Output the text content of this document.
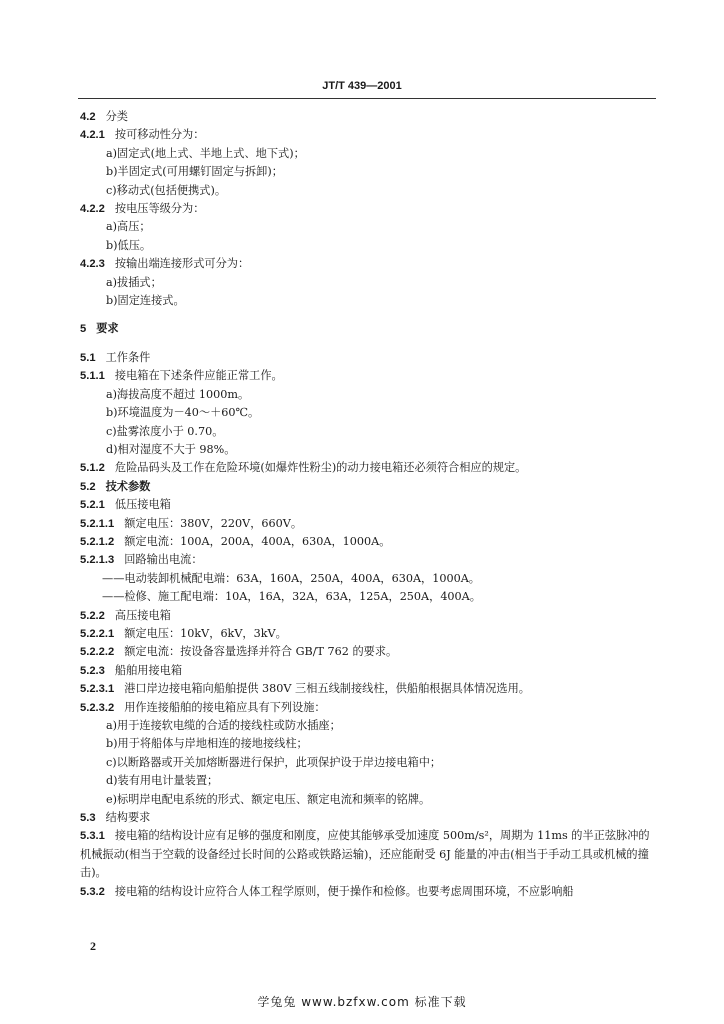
JT/T 439—2001
4.2 分类
4.2.1 按可移动性分为：
a)固定式(地上式、半地上式、地下式)；
b)半固定式(可用螺钉固定与拆卸)；
c)移动式(包括便携式)。
4.2.2 按电压等级分为：
a)高压；
b)低压。
4.2.3 按输出端连接形式可分为：
a)拔插式；
b)固定连接式。
5 要求
5.1 工作条件
5.1.1 接电箱在下述条件应能正常工作。
a)海拔高度不超过 1000m。
b)环境温度为－40～＋60℃。
c)盐雾浓度小于 0.70。
d)相对湿度不大于 98%。
5.1.2 危险品码头及工作在危险环境(如爆炸性粉尘)的动力接电箱还必须符合相应的规定。
5.2 技术参数
5.2.1 低压接电箱
5.2.1.1 额定电压：380V，220V，660V。
5.2.1.2 额定电流：100A，200A，400A，630A，1000A。
5.2.1.3 回路输出电流：
——电动装卸机械配电端：63A，160A，250A，400A，630A，1000A。
——检修、施工配电端：10A，16A，32A，63A，125A，250A，400A。
5.2.2 高压接电箱
5.2.2.1 额定电压：10kV，6kV，3kV。
5.2.2.2 额定电流：按设备容量选择并符合 GB/T 762 的要求。
5.2.3 船舶用接电箱
5.2.3.1 港口岸边接电箱向船舶提供 380V 三相五线制接线柱，供船舶根据具体情况选用。
5.2.3.2 用作连接船舶的接电箱应具有下列设施：
a)用于连接软电缆的合适的接线柱或防水插座；
b)用于将船体与岸地相连的接地接线柱；
c)以断路器或开关加熔断器进行保护，此项保护设于岸边接电箱中；
d)装有用电计量装置；
e)标明岸电配电系统的形式、额定电压、额定电流和频率的铭牌。
5.3 结构要求
5.3.1 接电箱的结构设计应有足够的强度和刚度，应使其能够承受加速度 500m/s²，周期为 11ms 的半正弦脉冲的机械振动(相当于空载的设备经过长时间的公路或铁路运输)，还应能耐受 6J 能量的冲击(相当于手动工具或机械的撞击)。
5.3.2 接电箱的结构设计应符合人体工程学原则，便于操作和检修。也要考虑周围环境，不应影响船
2
学兔兔 www.bzfxw.com 标准下载
